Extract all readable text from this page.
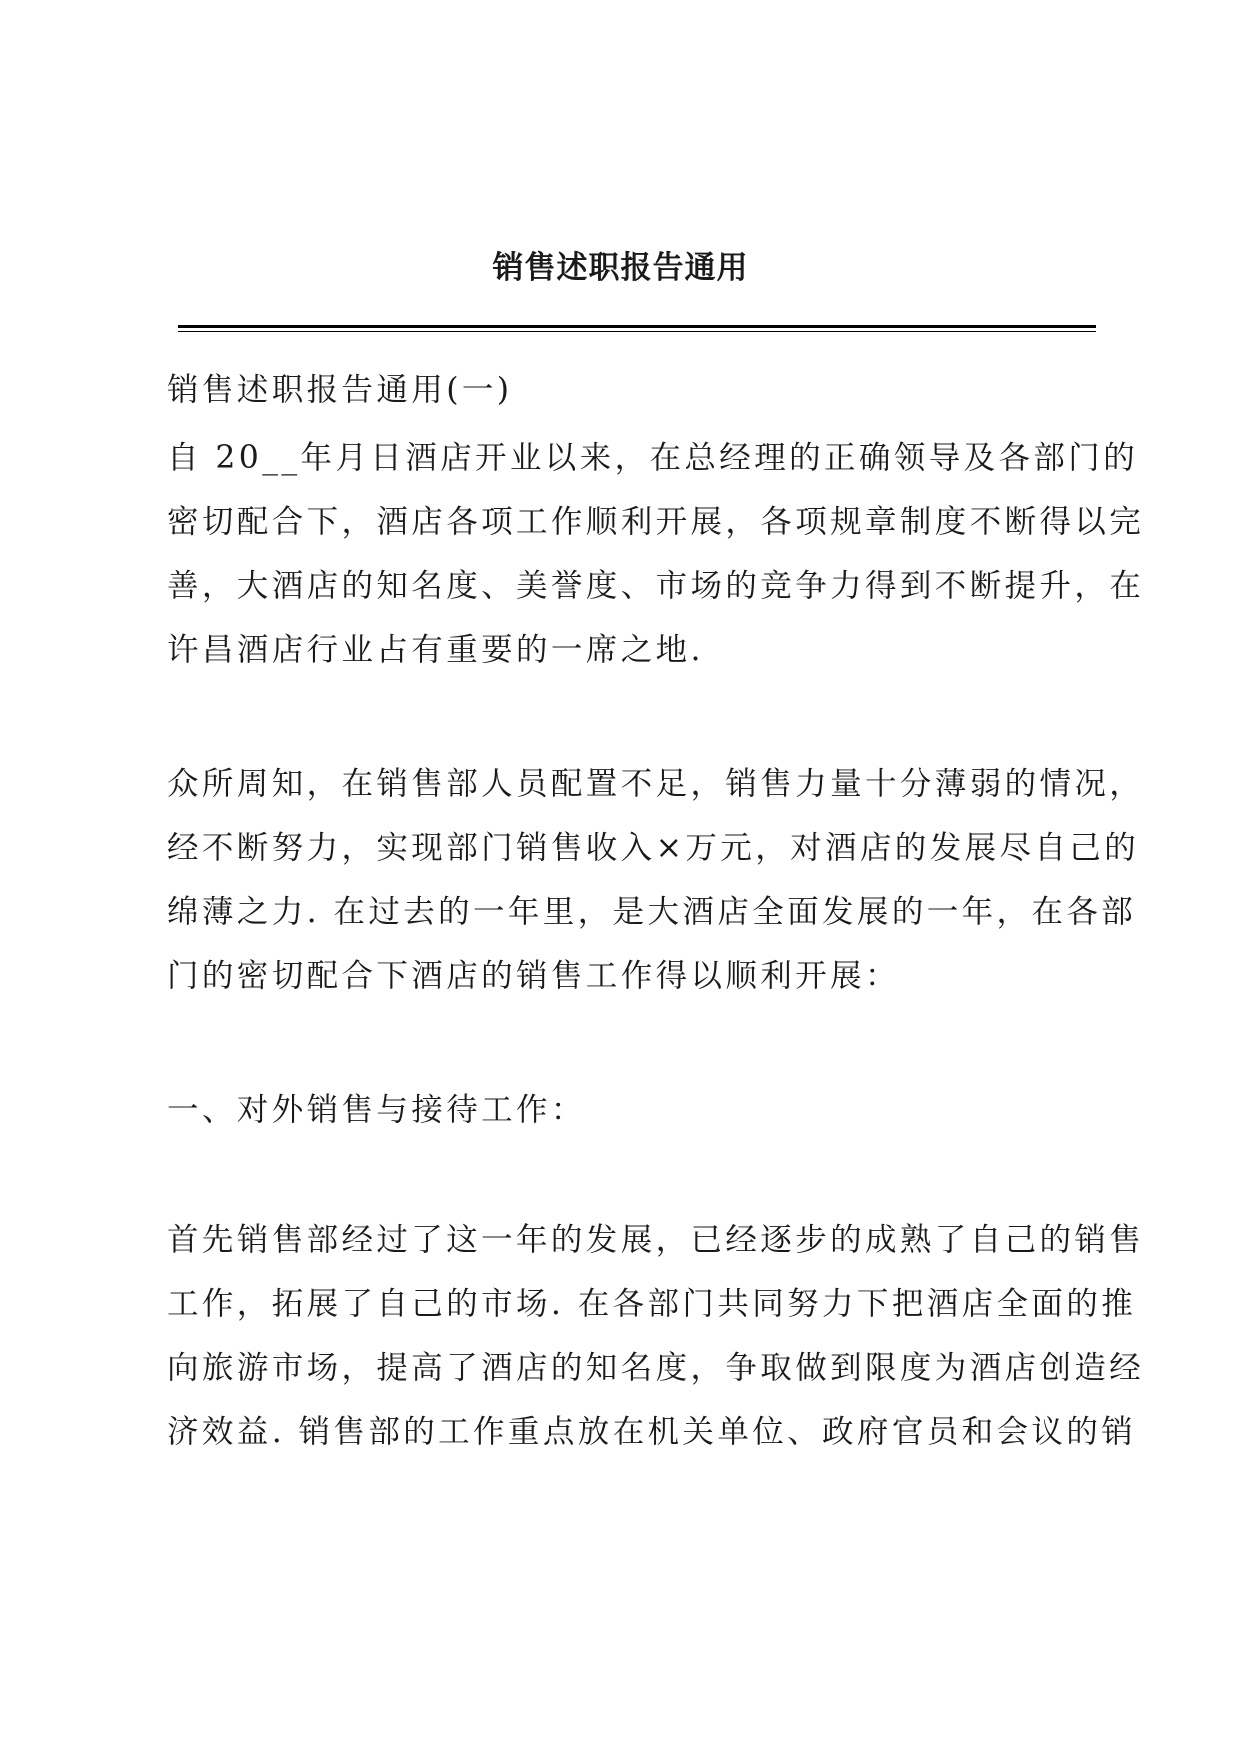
销售述职报告通用
销售述职报告通用(一)
自 20__年月日酒店开业以来，在总经理的正确领导及各部门的
密切配合下，酒店各项工作顺利开展，各项规章制度不断得以完
善，大酒店的知名度、美誉度、市场的竞争力得到不断提升，在
许昌酒店行业占有重要的一席之地.
众所周知，在销售部人员配置不足，销售力量十分薄弱的情况，
经不断努力，实现部门销售收入×万元，对酒店的发展尽自己的
绵薄之力. 在过去的一年里，是大酒店全面发展的一年，在各部
门的密切配合下酒店的销售工作得以顺利开展：
一、对外销售与接待工作：
首先销售部经过了这一年的发展，已经逐步的成熟了自己的销售
工作，拓展了自己的市场. 在各部门共同努力下把酒店全面的推
向旅游市场，提高了酒店的知名度，争取做到限度为酒店创造经
济效益. 销售部的工作重点放在机关单位、政府官员和会议的销
